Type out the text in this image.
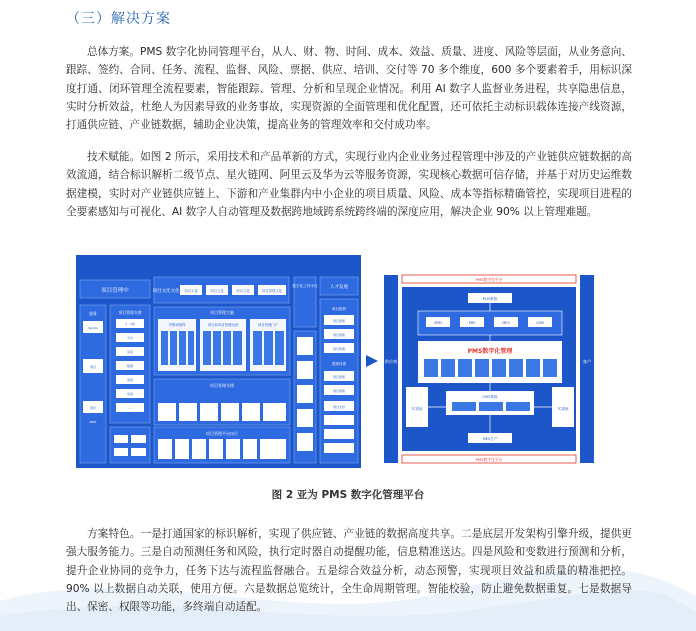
（三）解决方案
总体方案。PMS 数字化协同管理平台，从人、财、物、时间、成本、效益、质量、进度、风险等层面，从业务意向、跟踪、签约、合同、任务、流程、监督、风险、票据、供应、培训、交付等 70 多个维度，600 多个要素着手，用标识深度打通、闭环管理全流程要素，智能跟踪、管理、分析和呈现企业情况。利用 AI 数字人监督业务进程，共享隐患信息，实时分析效益，杜绝人为因素导致的业务事故，实现资源的全面管理和优化配置，还可依托主动标识载体连接产线资源，打通供应链、产业链数据，辅助企业决策，提高业务的管理效率和交付成功率。
技术赋能。如图 2 所示，采用技术和产品革新的方式，实现行业内企业业务过程管理中涉及的产业链供应链数据的高效流通，结合标识解析二级节点、星火链网、阿里云及华为云等服务资源，实现核心数据可信存储，并基于对历史运维数据建模，实时对产业链供应链上、下游和产业集群内中小企业的项目质量、风险、成本等指标精确管控，实现项目进程的全要素感知与可视化、AI 数字人自动管理及数据跨地域跨系统跨终端的深度应用，解决企业 90% 以上管理难题。
项目管理中	项目文化文化 项目文化	项目文化	项目文化	项目管理文化
数字化工具平台	人才发展
服务
Sports
项目
项目
PMO
项目管理支撑
1 - 1级
平台
系统
数据
流程
系统
……
项目管理大脑
决策和指挥	项目和项目管理运营	项目管理门户
项目管理支撑
项目管理平台执行
项目组织
项目管理
项目管理
项目管理
资源体系
项目管理
项目管理
项目支持
供应商	客户
PMS数字化平台
PMS数字化平台
PLM系统
SRM	ERP	MES	CRM
PMS数字化管理
TC系统	TC系统
CMS系统
MES生产
图 2 亚为 PMS 数字化管理平台
方案特色。一是打通国家的标识解析，实现了供应链、产业链的数据高度共享。二是底层开发架构引擎升级，提供更强大服务能力。三是自动预测任务和风险，执行定时器自动提醒功能，信息精准送达。四是风险和变数进行预测和分析，提升企业协同的竞争力，任务下达与流程监督融合。五是综合效益分析，动态预警，实现项目效益和质量的精准把控。90% 以上数据自动关联，使用方便。六是数据总览统计，全生命周期管理。智能校验，防止避免数据重复。七是数据导出、保密、权限等功能，多终端自动适配。
